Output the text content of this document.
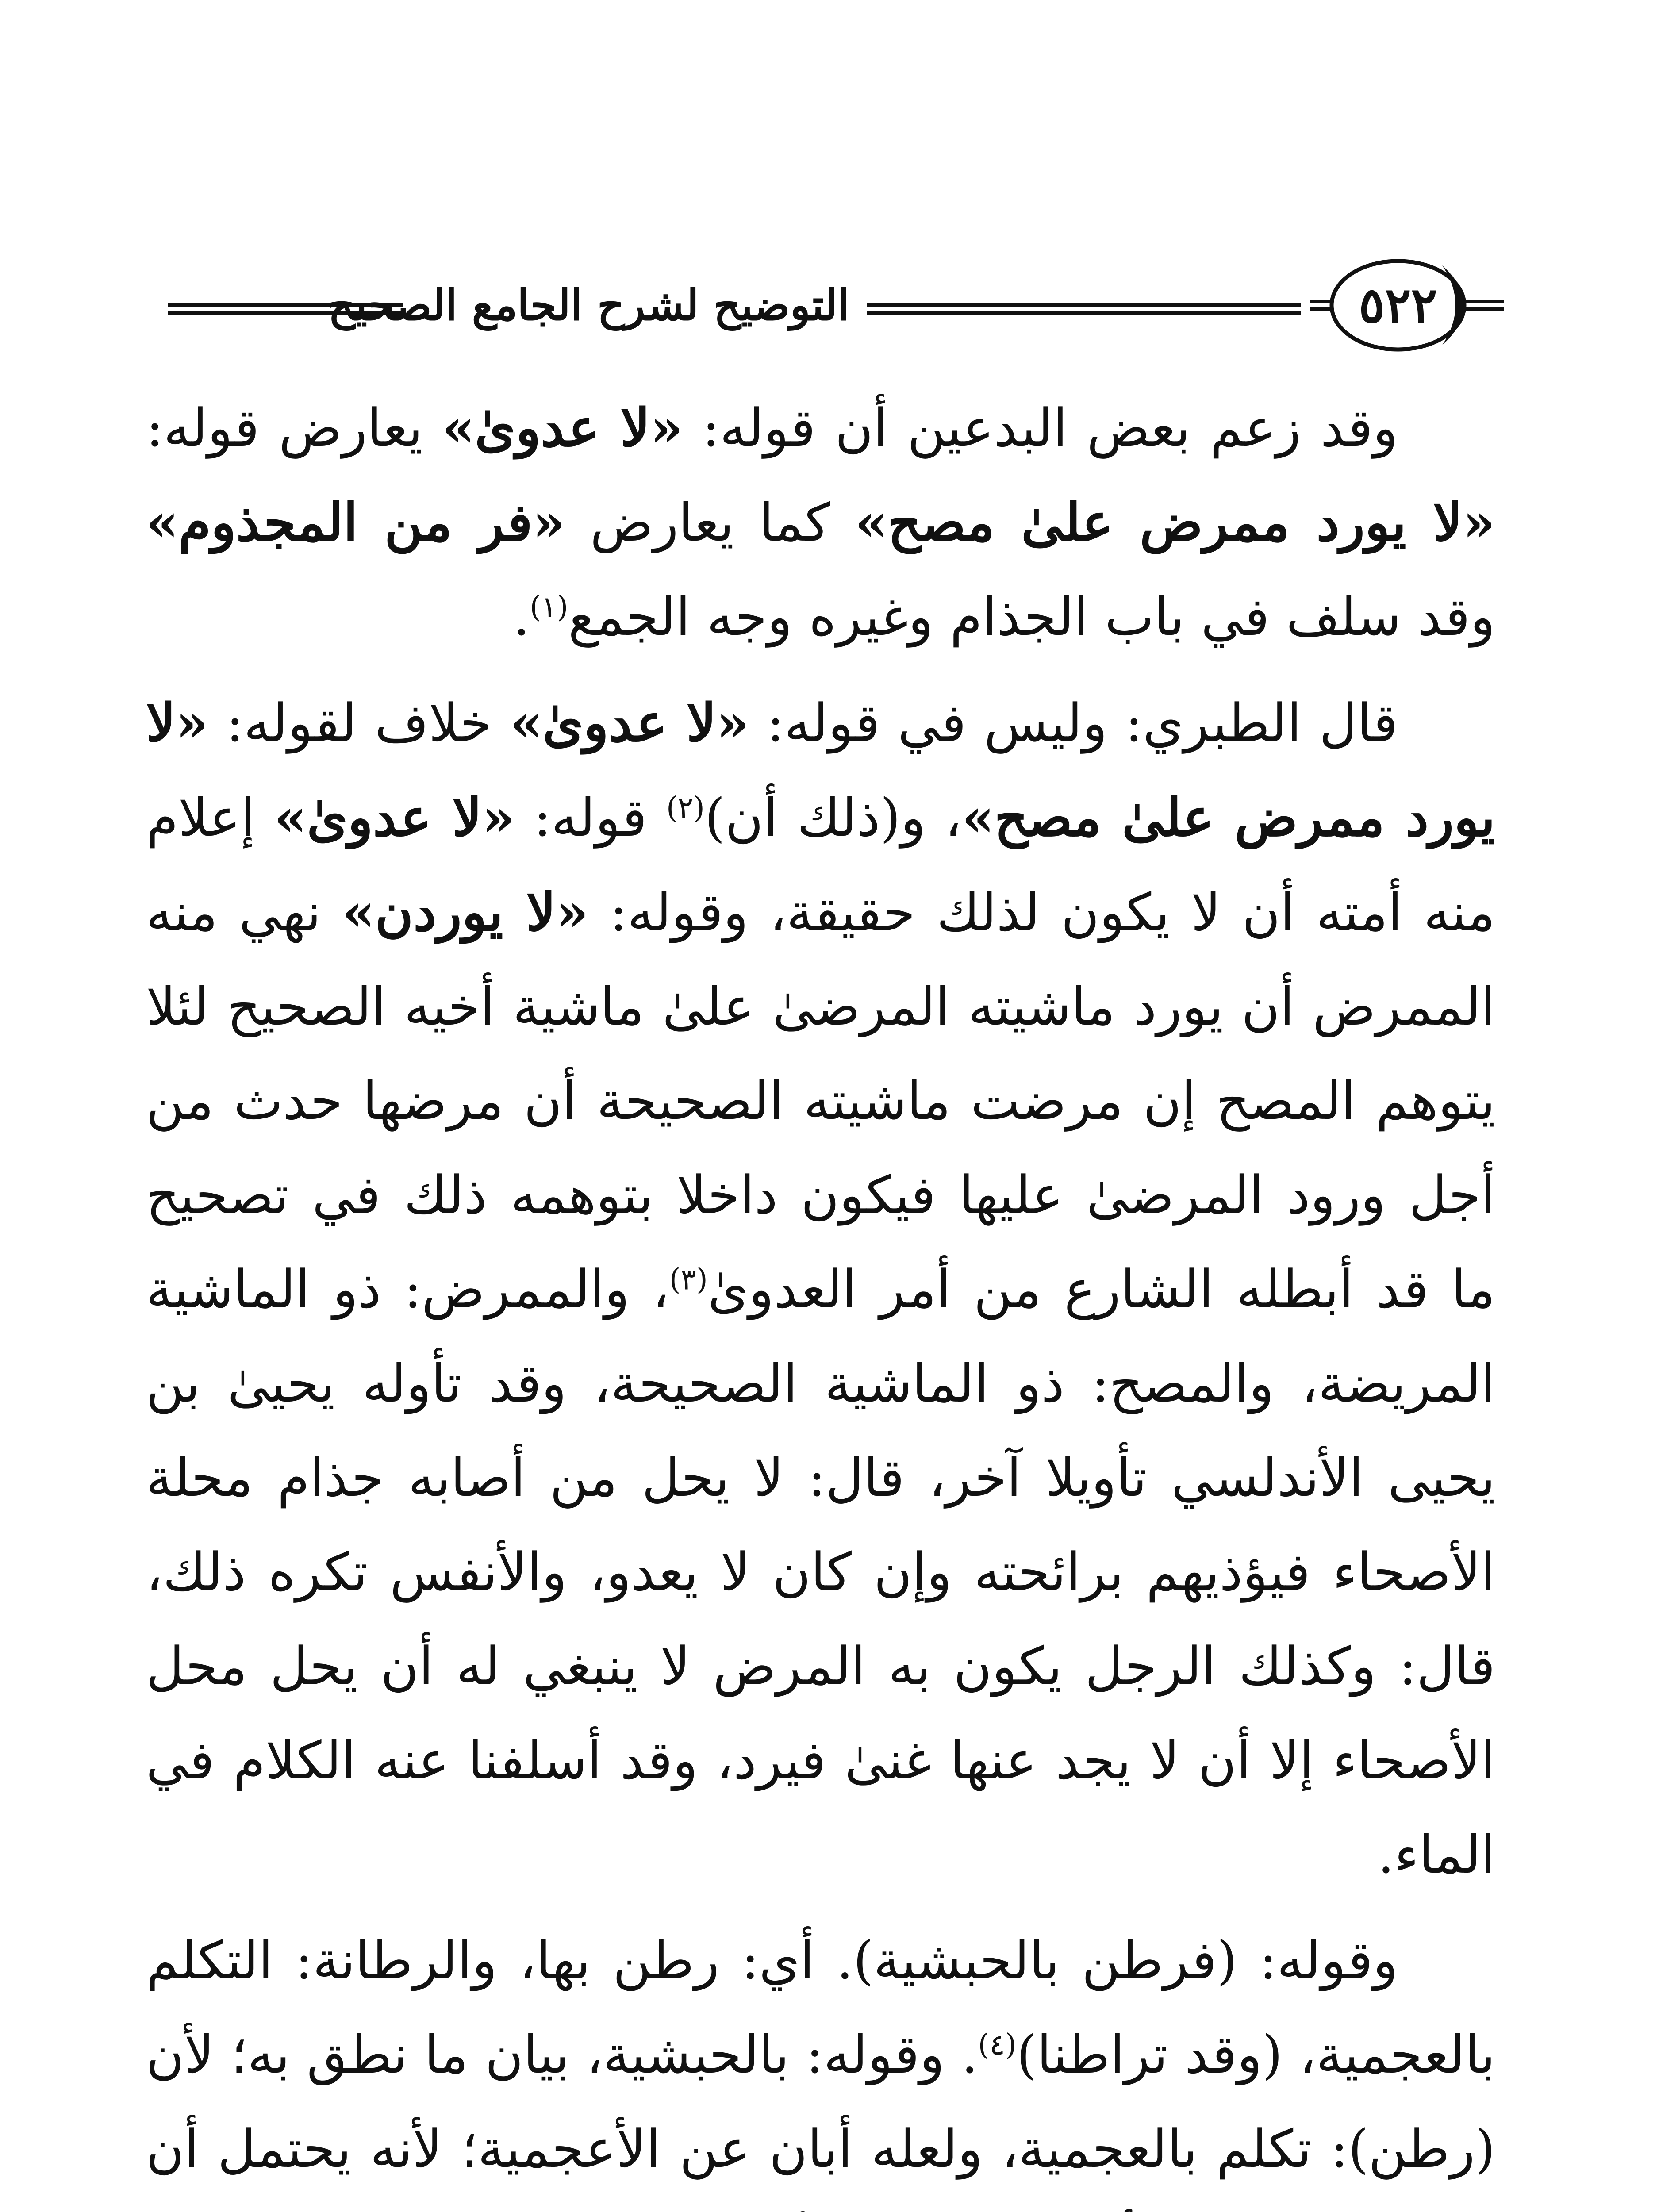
التوضيح لشرح الجامع الصحيح	٥٢٢

وقد زعم بعض البدعين أن قوله: «لا عدوىٰ» يعارض قوله: «لا يورد ممرض علىٰ مصح» كما يعارض «فر من المجذوم» وقد سلف في باب الجذام وغيره وجه الجمع$^{(١)}$.

قال الطبري: وليس في قوله: «لا عدوىٰ» خلاف لقوله: «لا يورد ممرض علىٰ مصح»، و(ذلك أن)$^{(٢)}$ قوله: «لا عدوىٰ» إعلام منه أمته أن لا يكون لذلك حقيقة، وقوله: «لا يوردن» نهي منه الممرض أن يورد ماشيته المرضىٰ علىٰ ماشية أخيه الصحيح لئلا يتوهم المصح إن مرضت ماشيته الصحيحة أن مرضها حدث من أجل ورود المرضىٰ عليها فيكون داخلا بتوهمه ذلك في تصحيح ما قد أبطله الشارع من أمر العدوىٰ$^{(٣)}$، والممرض: ذو الماشية المريضة، والمصح: ذو الماشية الصحيحة، وقد تأوله يحيىٰ بن يحيى الأندلسي تأويلا آخر، قال: لا يحل من أصابه جذام محلة الأصحاء فيؤذيهم برائحته وإن كان لا يعدو، والأنفس تكره ذلك، قال: وكذلك الرجل يكون به المرض لا ينبغي له أن يحل محل الأصحاء إلا أن لا يجد عنها غنىٰ فيرد، وقد أسلفنا عنه الكلام في الماء.

وقوله: (فرطن بالحبشية). أي: رطن بها، والرطانة: التكلم بالعجمية، (وقد تراطنا)$^{(٤)}$. وقوله: بالحبشية، بيان ما نطق به؛ لأن (رطن): تكلم بالعجمية، ولعله أبان عن الأعجمية؛ لأنه يحتمل أن
